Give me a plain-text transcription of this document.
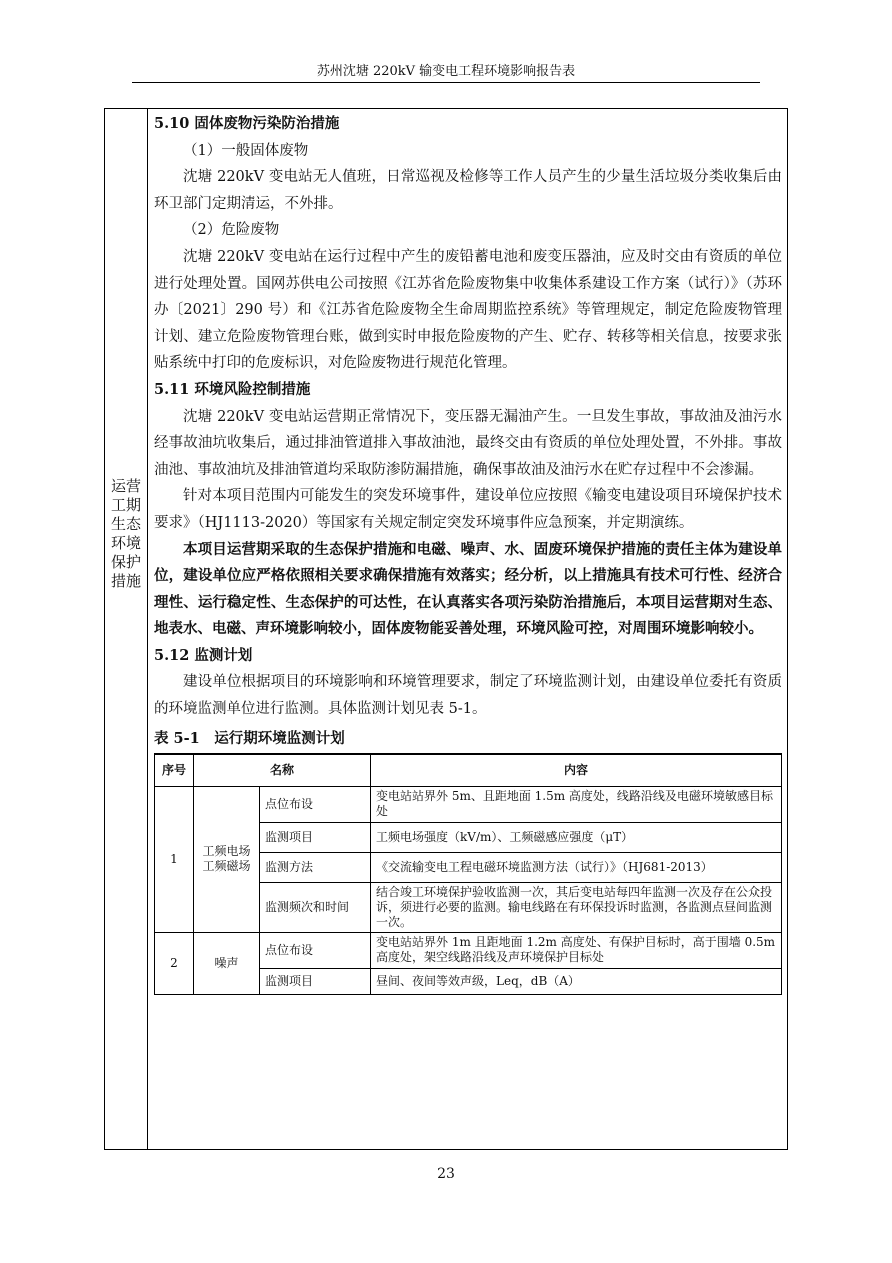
苏州沈塘 220kV 输变电工程环境影响报告表
运营
工期
生态
环境
保护
措施

5.10 固体废物污染防治措施

（1）一般固体废物

沈塘 220kV 变电站无人值班，日常巡视及检修等工作人员产生的少量生活垃圾分类收集后由环卫部门定期清运，不外排。

（2）危险废物

沈塘 220kV 变电站在运行过程中产生的废铅蓄电池和废变压器油，应及时交由有资质的单位进行处理处置。国网苏供电公司按照《江苏省危险废物集中收集体系建设工作方案（试行）》（苏环办〔2021〕290 号）和《江苏省危险废物全生命周期监控系统》等管理规定，制定危险废物管理计划、建立危险废物管理台账，做到实时申报危险废物的产生、贮存、转移等相关信息，按要求张贴系统中打印的危废标识，对危险废物进行规范化管理。

5.11 环境风险控制措施

沈塘 220kV 变电站运营期正常情况下，变压器无漏油产生。一旦发生事故，事故油及油污水经事故油坑收集后，通过排油管道排入事故油池，最终交由有资质的单位处理处置，不外排。事故油池、事故油坑及排油管道均采取防渗防漏措施，确保事故油及油污水在贮存过程中不会渗漏。

针对本项目范围内可能发生的突发环境事件，建设单位应按照《输变电建设项目环境保护技术要求》（HJ1113-2020）等国家有关规定制定突发环境事件应急预案，并定期演练。

本项目运营期采取的生态保护措施和电磁、噪声、水、固废环境保护措施的责任主体为建设单位，建设单位应严格依照相关要求确保措施有效落实；经分析，以上措施具有技术可行性、经济合理性、运行稳定性、生态保护的可达性，在认真落实各项污染防治措施后，本项目运营期对生态、地表水、电磁、声环境影响较小，固体废物能妥善处理，环境风险可控，对周围环境影响较小。

5.12 监测计划

建设单位根据项目的环境影响和环境管理要求，制定了环境监测计划，由建设单位委托有资质的环境监测单位进行监测。具体监测计划见表 5-1。

表 5-1　运行期环境监测计划

序号	名称		内容
1	工频电场
工频磁场	点位布设	变电站站界外 5m、且距地面 1.5m 高度处，线路沿线及电磁环境敏感目标处
		监测项目	工频电场强度（kV/m）、工频磁感应强度（μT）
		监测方法	《交流输变电工程电磁环境监测方法（试行）》（HJ681-2013）
		监测频次和时间	结合竣工环境保护验收监测一次，其后变电站每四年监测一次及存在公众投诉，须进行必要的监测。输电线路在有环保投诉时监测，各监测点昼间监测一次。
2	噪声	点位布设	变电站站界外 1m 且距地面 1.2m 高度处、有保护目标时，高于围墙 0.5m 高度处，架空线路沿线及声环境保护目标处
		监测项目	昼间、夜间等效声级，Leq，dB（A）
23
